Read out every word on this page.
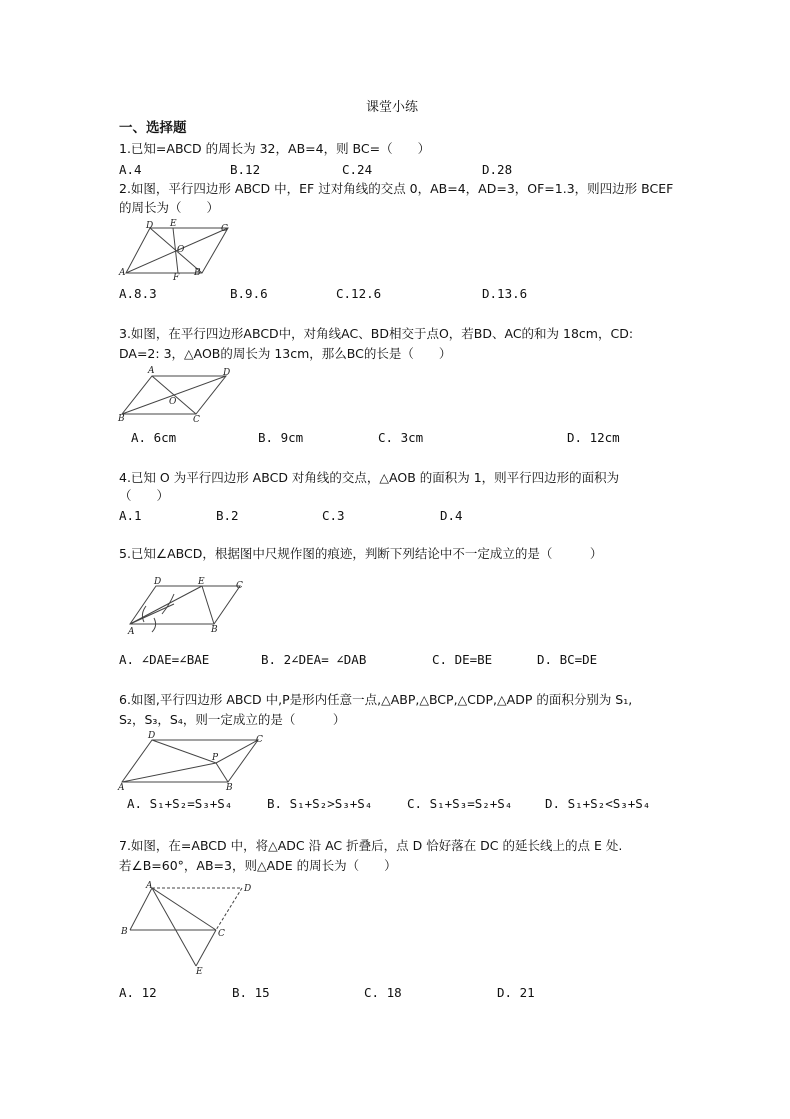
课堂小练
一、选择题
1.已知=ABCD 的周长为 32，AB=4，则 BC=（　　）
A.4	B.12	C.24	D.28
2.如图，平行四边形 ABCD 中，EF 过对角线的交点 0，AB=4，AD=3，OF=1.3，则四边形 BCEF
的周长为（　　）
D E	C
O
A	F B
A.8.3	B.9.6	C.12.6	D.13.6
3.如图，在平行四边形ABCD中，对角线AC、BD相交于点O，若BD、AC的和为 18cm，CD:
DA=2: 3，△AOB的周长为 13cm，那么BC的长是（　　）
A	D
O
B	C
A. 6cm	B. 9cm	C. 3cm	D. 12cm
4.已知 O 为平行四边形 ABCD 对角线的交点，△AOB 的面积为 1，则平行四边形的面积为
（　　）
A.1	B.2	C.3	D.4
5.已知∠ABCD，根据图中尺规作图的痕迹，判断下列结论中不一定成立的是（　　　）
D	E	C
A	B
A. ∠DAE=∠BAE	B. 2∠DEA= ∠DAB	C. DE=BE	D. BC=DE
6.如图,平行四边形 ABCD 中,P是形内任意一点,△ABP,△BCP,△CDP,△ADP 的面积分别为 S₁,
S₂，S₃，S₄，则一定成立的是（　　　）
D	C
P
A	B
A. S₁+S₂=S₃+S₄	B. S₁+S₂>S₃+S₄	C. S₁+S₃=S₂+S₄	D. S₁+S₂<S₃+S₄
7.如图，在=ABCD 中，将△ADC 沿 AC 折叠后，点 D 恰好落在 DC 的延长线上的点 E 处.
若∠B=60°，AB=3，则△ADE 的周长为（　　）
A	D
B	C
E
A. 12	B. 15	C. 18	D. 21
